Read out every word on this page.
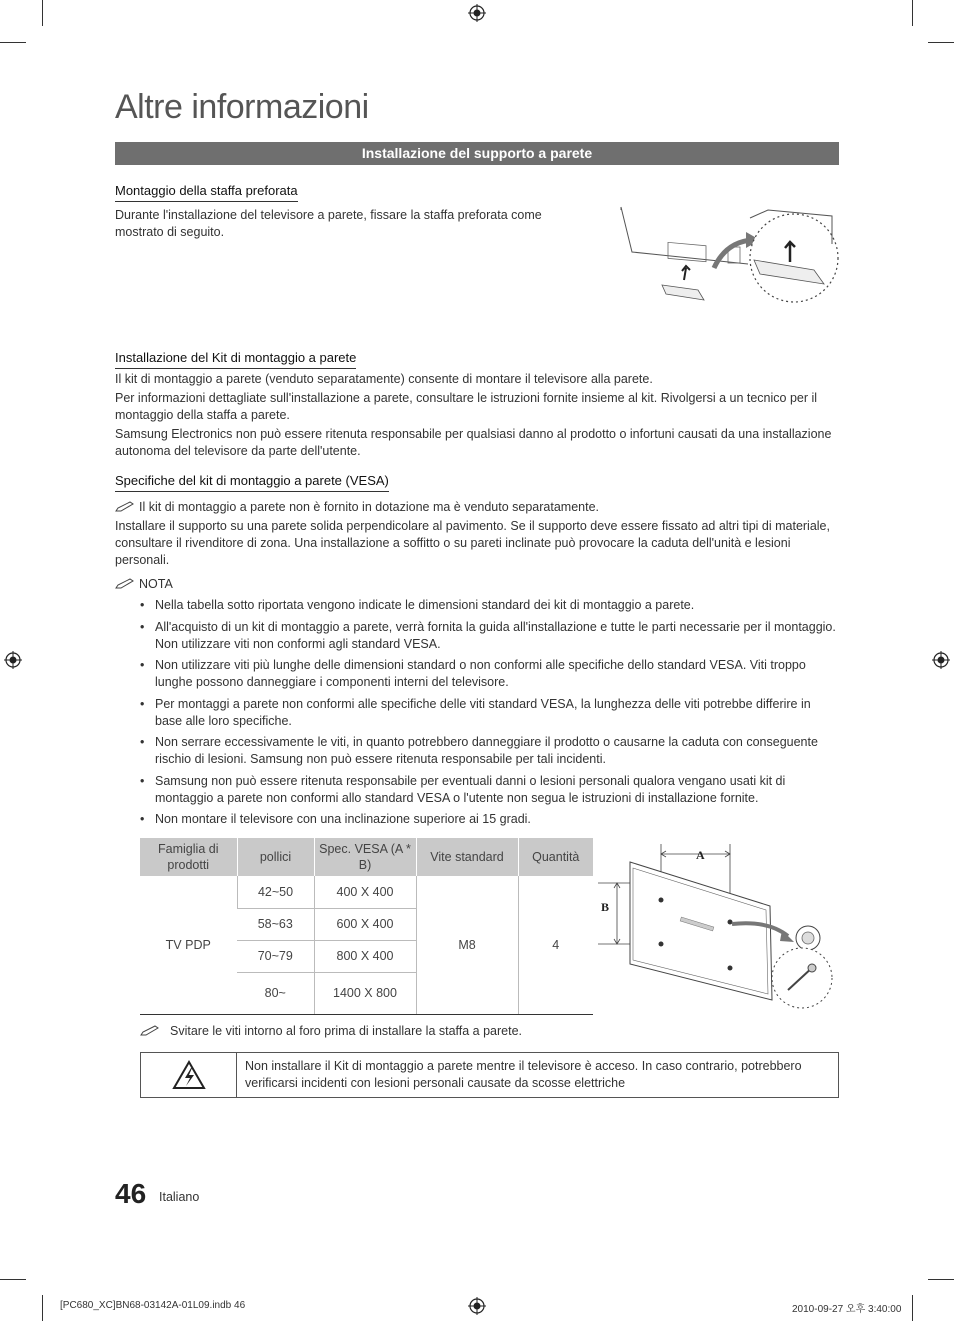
Altre informazioni
Installazione del supporto a parete
Montaggio della staffa preforata
Durante l'installazione del televisore a parete, fissare la staffa preforata come mostrato di seguito.
Installazione del Kit di montaggio a parete
Il kit di montaggio a parete (venduto separatamente) consente di montare il televisore alla parete.
Per informazioni dettagliate sull'installazione a parete, consultare le istruzioni fornite insieme al kit. Rivolgersi a un tecnico per il montaggio della staffa a parete.
Samsung Electronics non può essere ritenuta responsabile per qualsiasi danno al prodotto o infortuni causati da una installazione autonoma del televisore da parte dell'utente.
Specifiche del kit di montaggio a parete (VESA)
Il kit di montaggio a parete non è fornito in dotazione ma è venduto separatamente.
Installare il supporto su una parete solida perpendicolare al pavimento. Se il supporto deve essere fissato ad altri tipi di materiale, consultare il rivenditore di zona. Una installazione a soffitto o su pareti inclinate può provocare la caduta dell'unità e lesioni personali.
NOTA
• Nella tabella sotto riportata vengono indicate le dimensioni standard dei kit di montaggio a parete.
• All'acquisto di un kit di montaggio a parete, verrà fornita la guida all'installazione e tutte le parti necessarie per il montaggio. Non utilizzare viti non conformi agli standard VESA.
• Non utilizzare viti più lunghe delle dimensioni standard o non conformi alle specifiche dello standard VESA. Viti troppo lunghe possono danneggiare i componenti interni del televisore.
• Per montaggi a parete non conformi alle specifiche delle viti standard VESA, la lunghezza delle viti potrebbe differire in base alle loro specifiche.
• Non serrare eccessivamente le viti, in quanto potrebbero danneggiare il prodotto o causarne la caduta con conseguente rischio di lesioni. Samsung non può essere ritenuta responsabile per tali incidenti.
• Samsung non può essere ritenuta responsabile per eventuali danni o lesioni personali qualora vengano usati kit di montaggio a parete non conformi allo standard VESA o l'utente non segua le istruzioni di installazione fornite.
• Non montare il televisore con una inclinazione superiore ai 15 gradi.
Famiglia di prodotti	pollici	Spec. VESA (A * B)	Vite standard	Quantità
TV PDP	42~50	400 X 400	M8	4
	58~63	600 X 400		
	70~79	800 X 400		
	80~	1400 X 800		
A
B
Svitare le viti intorno al foro prima di installare la staffa a parete.
Non installare il Kit di montaggio a parete mentre il televisore è acceso. In caso contrario, potrebbero verificarsi incidenti con lesioni personali causate da scosse elettriche
46 Italiano
[PC680_XC]BN68-03142A-01L09.indb 46	2010-09-27 오후 3:40:00
